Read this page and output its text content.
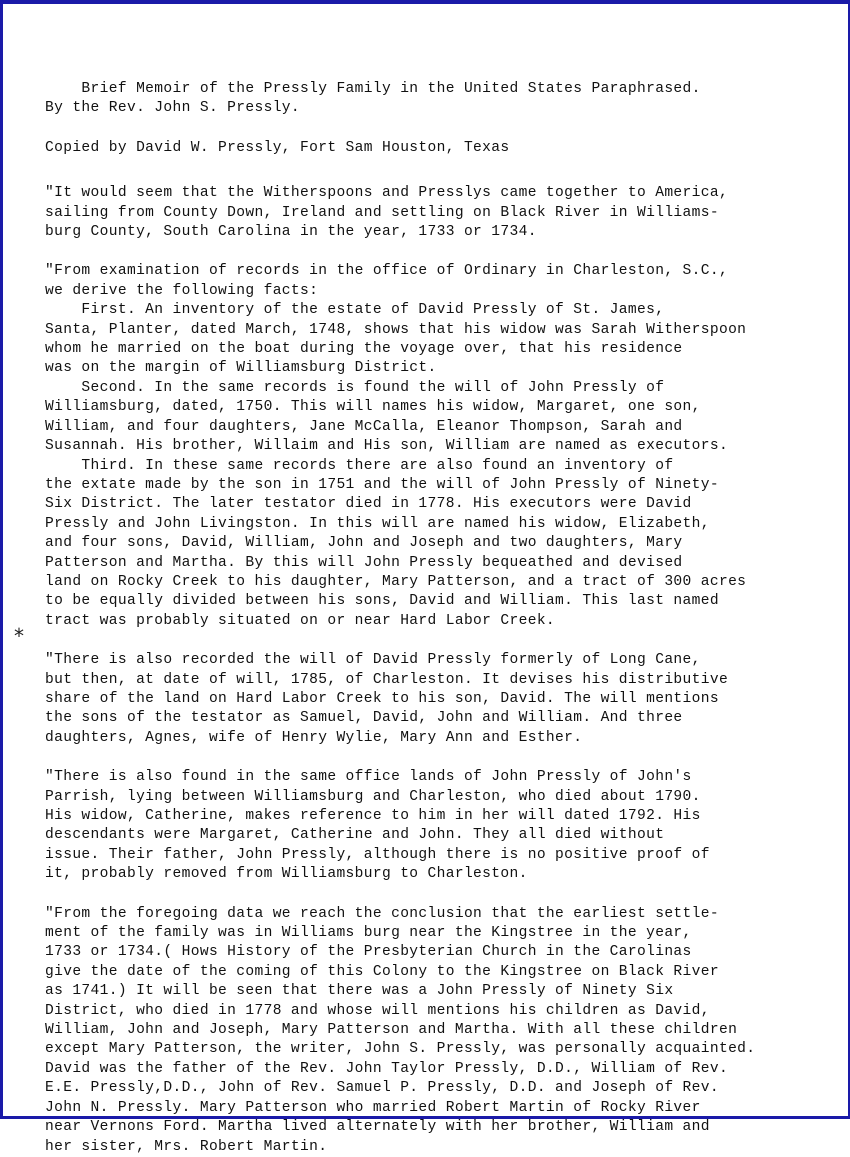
*
Brief Memoir of the Pressly Family in the United States Paraphrased.
By the Rev. John S. Pressly.
Copied by David W. Pressly, Fort Sam Houston, Texas
"It would seem that the Witherspoons and Presslys came together to America,
sailing from County Down, Ireland and settling on Black River in Williams-
burg County, South Carolina in the year, 1733 or 1734.
"From examination of records in the office of Ordinary in Charleston, S.C.,
we derive the following facts:
First. An inventory of the estate of David Pressly of St. James,
Santa, Planter, dated March, 1748, shows that his widow was Sarah Witherspoon
whom he married on the boat during the voyage over, that his residence
was on the margin of Williamsburg District.
Second. In the same records is found the will of John Pressly of
Williamsburg, dated, 1750. This will names his widow, Margaret, one son,
William, and four daughters, Jane McCalla, Eleanor Thompson, Sarah and
Susannah. His brother, Willaim and His son, William are named as executors.
Third. In these same records there are also found an inventory of
the extate made by the son in 1751 and the will of John Pressly of Ninety-
Six District. The later testator died in 1778. His executors were David
Pressly and John Livingston. In this will are named his widow, Elizabeth,
and four sons, David, William, John and Joseph and two daughters, Mary
Patterson and Martha. By this will John Pressly bequeathed and devised
land on Rocky Creek to his daughter, Mary Patterson, and a tract of 300 acres
to be equally divided between his sons, David and William. This last named
tract was probably situated on or near Hard Labor Creek.
"There is also recorded the will of David Pressly formerly of Long Cane,
but then, at date of will, 1785, of Charleston. It devises his distributive
share of the land on Hard Labor Creek to his son, David. The will mentions
the sons of the testator as Samuel, David, John and William. And three
daughters, Agnes, wife of Henry Wylie, Mary Ann and Esther.
"There is also found in the same office lands of John Pressly of John's
Parrish, lying between Williamsburg and Charleston, who died about 1790.
His widow, Catherine, makes reference to him in her will dated 1792. His
descendants were Margaret, Catherine and John. They all died without
issue. Their father, John Pressly, although there is no positive proof of
it, probably removed from Williamsburg to Charleston.
"From the foregoing data we reach the conclusion that the earliest settle-
ment of the family was in Williams burg near the Kingstree in the year,
1733 or 1734.( Hows History of the Presbyterian Church in the Carolinas
give the date of the coming of this Colony to the Kingstree on Black River
as 1741.) It will be seen that there was a John Pressly of Ninety Six
District, who died in 1778 and whose will mentions his children as David,
William, John and Joseph, Mary Patterson and Martha. With all these children
except Mary Patterson, the writer, John S. Pressly, was personally acquainted.
David was the father of the Rev. John Taylor Pressly, D.D., William of Rev.
E.E. Pressly,D.D., John of Rev. Samuel P. Pressly, D.D. and Joseph of Rev.
John N. Pressly. Mary Patterson who married Robert Martin of Rocky River
near Vernons Ford. Martha lived alternately with her brother, William and
her sister, Mrs. Robert Martin.
